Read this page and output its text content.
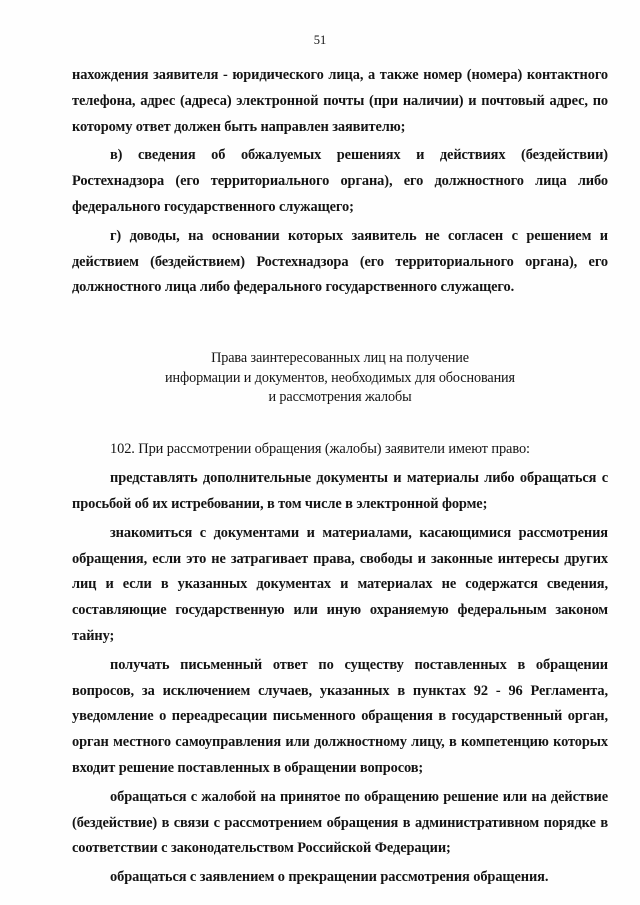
51

нахождения заявителя - юридического лица, а также номер (номера) контактного телефона, адрес (адреса) электронной почты (при наличии) и почтовый адрес, по которому ответ должен быть направлен заявителю;

в) сведения об обжалуемых решениях и действиях (бездействии) Ростехнадзора (его территориального органа), его должностного лица либо федерального государственного служащего;

г) доводы, на основании которых заявитель не согласен с решением и действием (бездействием) Ростехнадзора (его территориального органа), его должностного лица либо федерального государственного служащего.

Права заинтересованных лиц на получение
информации и документов, необходимых для обоснования
и рассмотрения жалобы

102. При рассмотрении обращения (жалобы) заявители имеют право:

представлять дополнительные документы и материалы либо обращаться с просьбой об их истребовании, в том числе в электронной форме;

знакомиться с документами и материалами, касающимися рассмотрения обращения, если это не затрагивает права, свободы и законные интересы других лиц и если в указанных документах и материалах не содержатся сведения, составляющие государственную или иную охраняемую федеральным законом тайну;

получать письменный ответ по существу поставленных в обращении вопросов, за исключением случаев, указанных в пунктах 92 - 96 Регламента, уведомление о переадресации письменного обращения в государственный орган, орган местного самоуправления или должностному лицу, в компетенцию которых входит решение поставленных в обращении вопросов;

обращаться с жалобой на принятое по обращению решение или на действие (бездействие) в связи с рассмотрением обращения в административном порядке в соответствии с законодательством Российской Федерации;

обращаться с заявлением о прекращении рассмотрения обращения.
